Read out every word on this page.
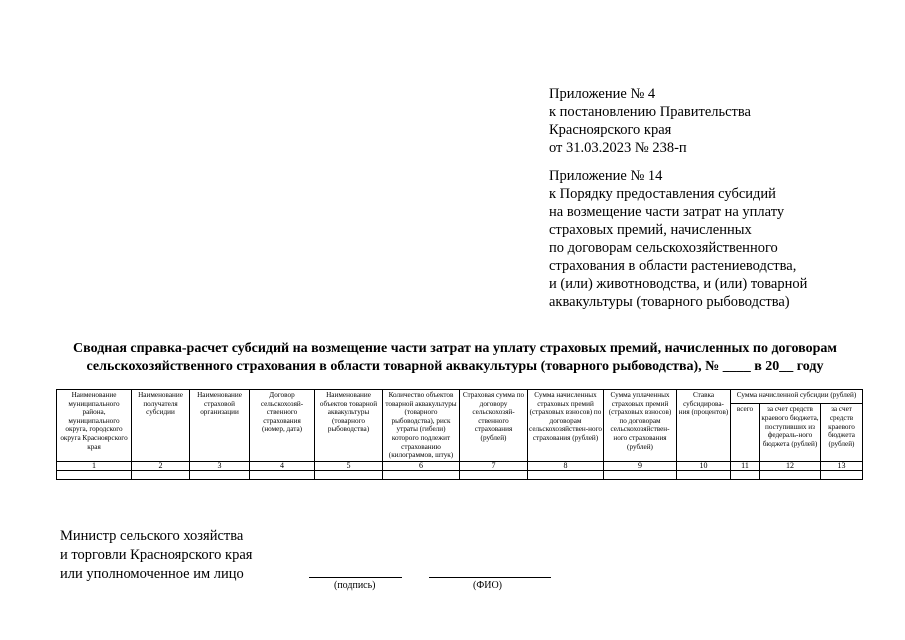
Приложение № 4
к постановлению Правительства
Красноярского края
от 31.03.2023 № 238-п
Приложение № 14
к Порядку предоставления субсидий
на возмещение части затрат на уплату
страховых премий, начисленных
по договорам сельскохозяйственного
страхования в области растениеводства,
и (или) животноводства, и (или) товарной
аквакультуры (товарного рыбоводства)
Сводная справка-расчет субсидий на возмещение части затрат на уплату страховых премий, начисленных по договорам
сельскохозяйственного страхования в области товарной аквакультуры (товарного рыбоводства), № ____ в 20__ году
Наименование муниципального района, муниципального округа, городского округа Красноярского края	Наименование получателя субсидии	Наименование страховой организации	Договор сельскохозяй-ственного страхования (номер, дата)	Наименование объектов товарной аквакультуры (товарного рыбоводства)	Количество объектов товарной аквакультуры (товарного рыбоводства), риск утраты (гибели) которого подлежит страхованию (килограммов, штук)	Страховая сумма по договору сельскохозяй-ственного страхования (рублей)	Сумма начисленных страховых премий (страховых взносов) по договорам сельскохозяйствен-ного страхования (рублей)	Сумма уплаченных страховых премий (страховых взносов) по договорам сельскохозяйствен-ного страхования (рублей)	Ставка субсидирова-ния (процентов)	Сумма начисленной субсидии (рублей)		
										всего	за счет средств краевого бюджета, поступивших из федераль-ного бюджета (рублей)	за счет средств краевого бюджета (рублей)
1	2	3	4	5	6	7	8	9	10	11	12	13

Министр сельского хозяйства
и торговли Красноярского края
или уполномоченное им лицо
(подпись)	(ФИО)
